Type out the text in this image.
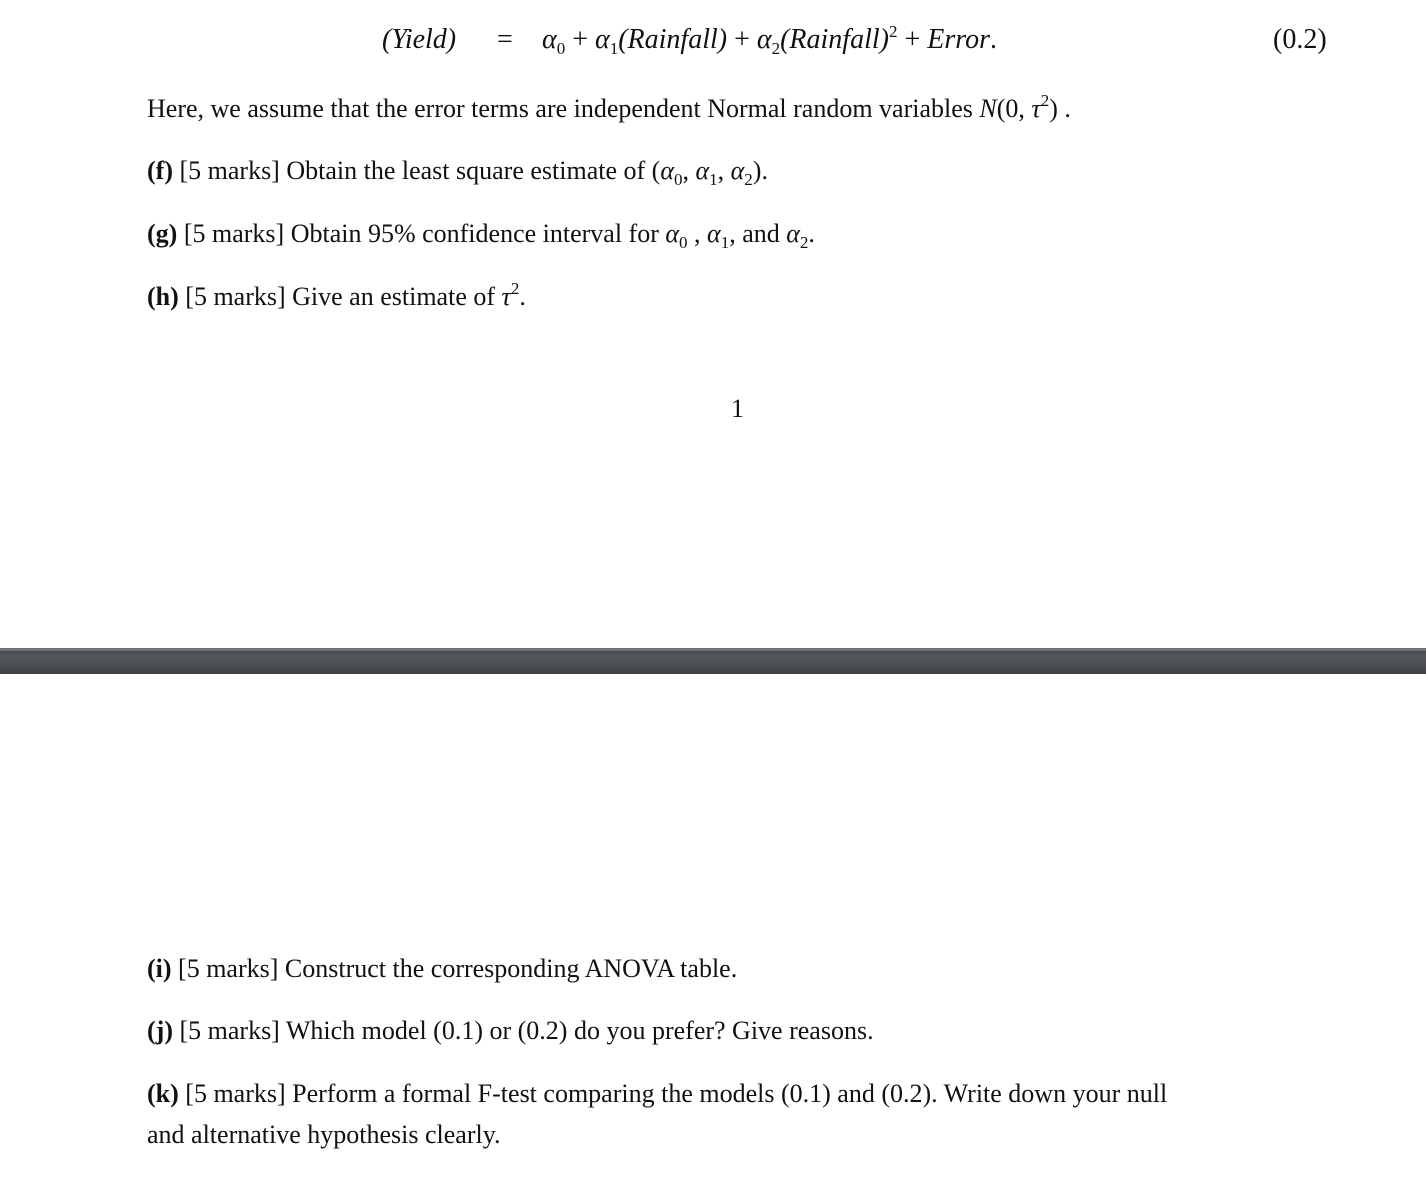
(Yield) = $\alpha_0$ + $\alpha_1(Rainfall)$ + $\alpha_2(Rainfall)^2$ + Error.	(0.2)
Here, we assume that the error terms are independent Normal random variables N(0, $\tau^2$) .
(f) [5 marks] Obtain the least square estimate of ($\alpha_0$, $\alpha_1$, $\alpha_2$).
(g) [5 marks] Obtain 95% confidence interval for $\alpha_0$ , $\alpha_1$, and $\alpha_2$.
(h) [5 marks] Give an estimate of $\tau^2$.
1
(i) [5 marks] Construct the corresponding ANOVA table.
(j) [5 marks] Which model (0.1) or (0.2) do you prefer? Give reasons.
(k) [5 marks] Perform a formal F-test comparing the models (0.1) and (0.2). Write down your null
and alternative hypothesis clearly.
